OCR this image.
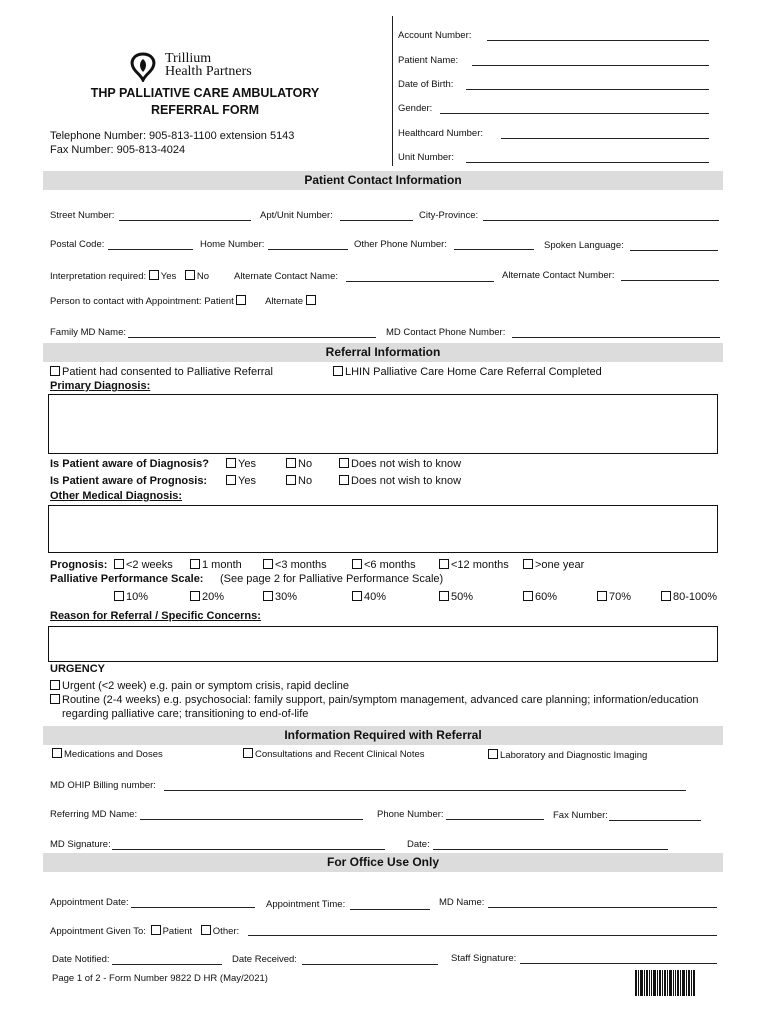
Trillium
Health Partners
THP PALLIATIVE CARE AMBULATORY
REFERRAL FORM
Telephone Number: 905-813-1100 extension 5143
Fax Number: 905-813-4024
Account Number:
Patient Name:
Date of Birth:
Gender:
Healthcard Number:
Unit Number:
Patient Contact Information
Street Number:	Apt/Unit Number:	City-Province:
Postal Code:	Home Number:	Other Phone Number:	Spoken Language:
Interpretation required: Yes No	Alternate Contact Name:	Alternate Contact Number:
Person to contact with Appointment: Patient	Alternate
Family MD Name:	MD Contact Phone Number:
Referral Information
Patient had consented to Palliative Referral	LHIN Palliative Care Home Care Referral Completed
Primary Diagnosis:
Is Patient aware of Diagnosis?	Yes	No	Does not wish to know
Is Patient aware of Prognosis:	Yes	No	Does not wish to know
Other Medical Diagnosis:
Prognosis:	<2 weeks	1 month	<3 months	<6 months	<12 months	>one year
Palliative Performance Scale: (See page 2 for Palliative Performance Scale)
10%	20%	30%	40%	50%	60%	70%	80-100%
Reason for Referral / Specific Concerns:
URGENCY
Urgent (<2 week) e.g. pain or symptom crisis, rapid decline
Routine (2-4 weeks) e.g. psychosocial: family support, pain/symptom management, advanced care planning; information/education
regarding palliative care; transitioning to end-of-life
Information Required with Referral
Medications and Doses	Consultations and Recent Clinical Notes	Laboratory and Diagnostic Imaging
MD OHIP Billing number:
Referring MD Name:	Phone Number:	Fax Number:
MD Signature:	Date:
For Office Use Only
Appointment Date:	Appointment Time:	MD Name:
Appointment Given To: Patient Other:
Date Notified:	Date Received:	Staff Signature:
Page 1 of 2 - Form Number 9822 D HR (May/2021)
